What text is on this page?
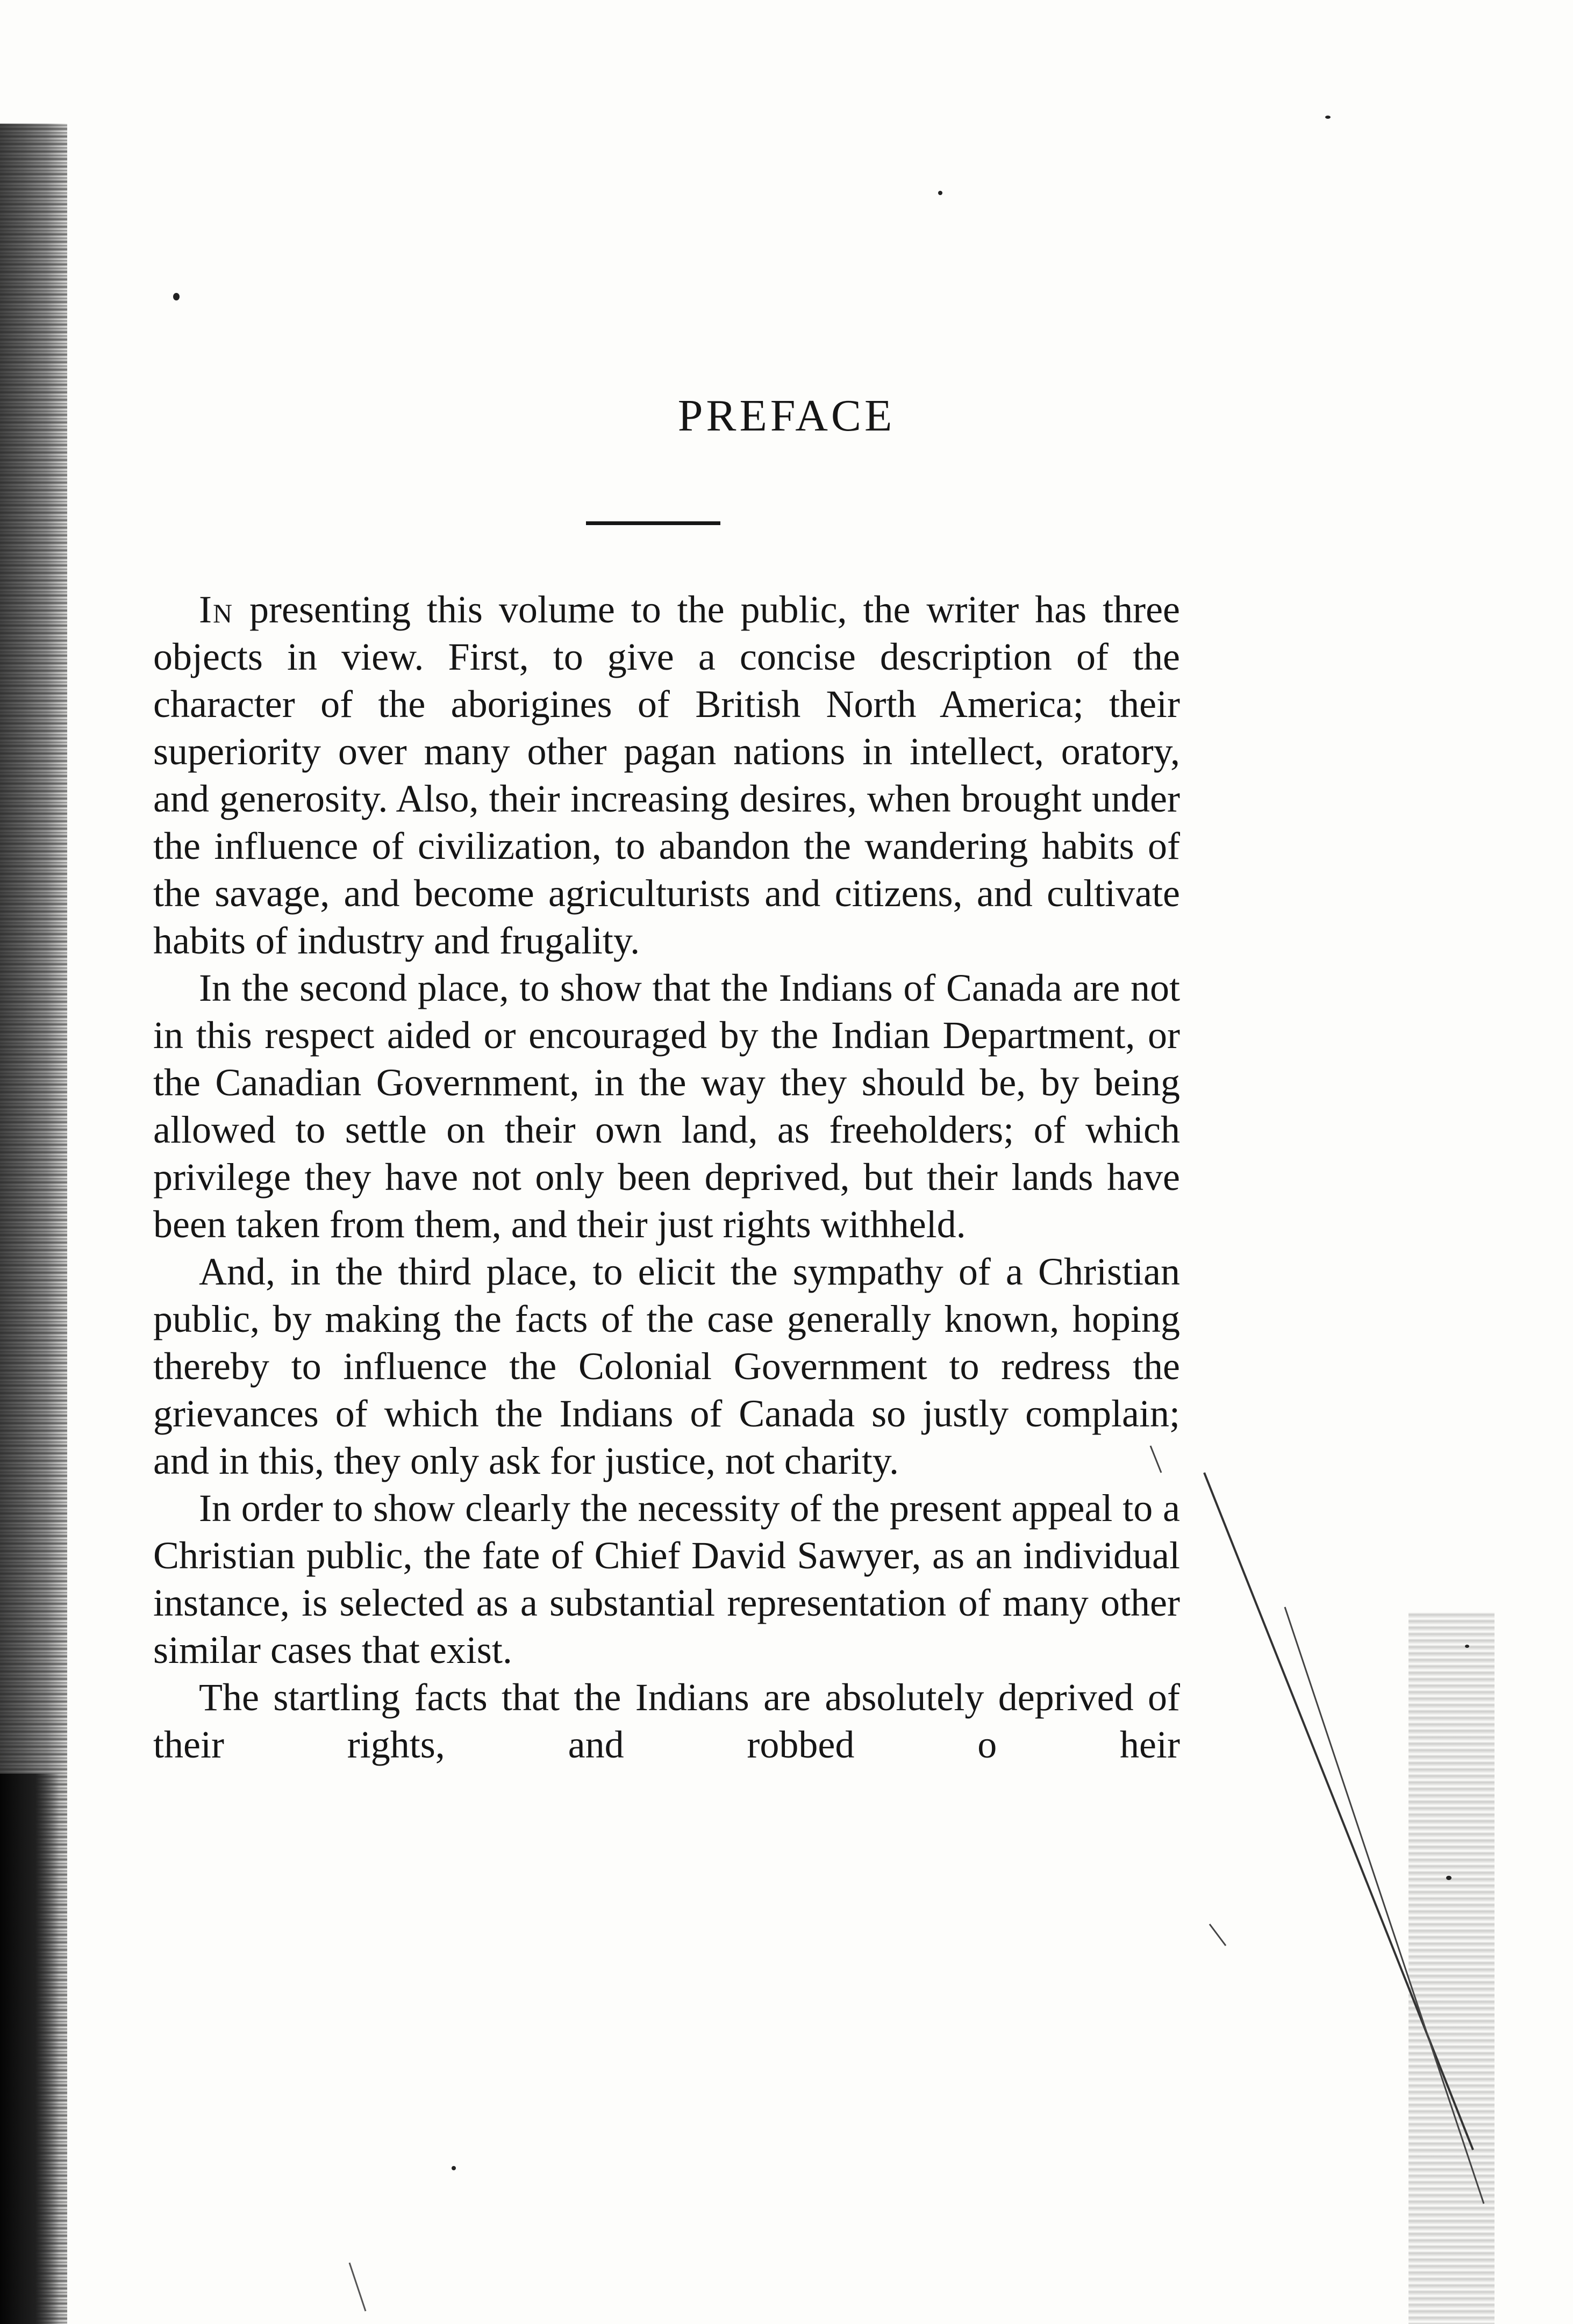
PREFACE

In presenting this volume to the public, the writer has three objects in view. First, to give a concise description of the character of the aborigines of British North America; their superiority over many other pagan nations in intellect, oratory, and generosity. Also, their increasing desires, when brought under the influence of civilization, to abandon the wandering habits of the savage, and become agriculturists and citizens, and cultivate habits of industry and frugality.

In the second place, to show that the Indians of Canada are not in this respect aided or encouraged by the Indian Department, or the Canadian Government, in the way they should be, by being allowed to settle on their own land, as freeholders; of which privilege they have not only been deprived, but their lands have been taken from them, and their just rights withheld.

And, in the third place, to elicit the sympathy of a Christian public, by making the facts of the case generally known, hoping thereby to influence the Colonial Government to redress the grievances of which the Indians of Canada so justly complain; and in this, they only ask for justice, not charity.

In order to show clearly the necessity of the present appeal to a Christian public, the fate of Chief David Sawyer, as an individual instance, is selected as a substantial representation of many other similar cases that exist.

The startling facts that the Indians are absolutely deprived of their rights, and robbed o heir
